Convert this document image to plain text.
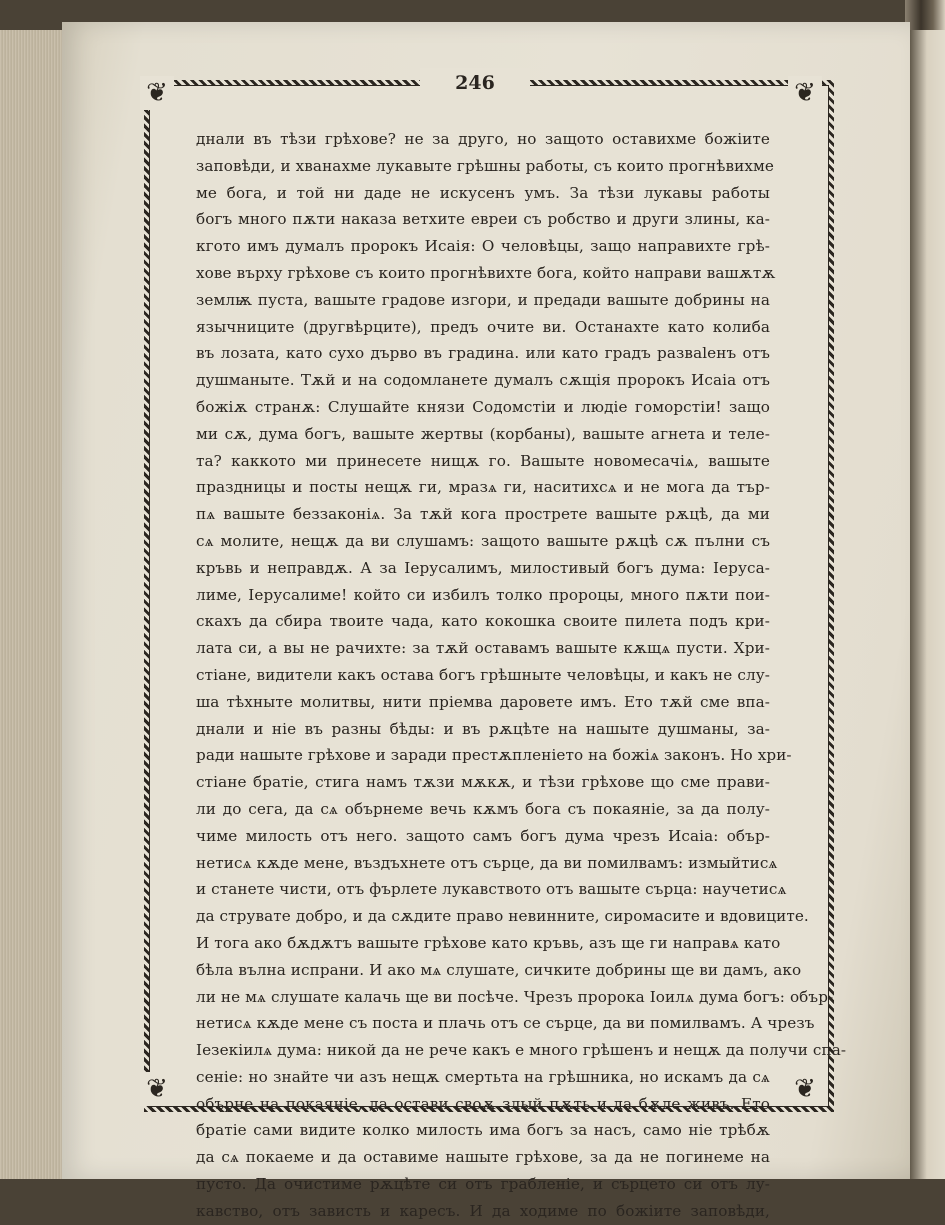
❦	❦
❦	❦
246
днали въ тѣзи грѣхове? не за друго, но защото оставихме божіите
заповѣди, и хванахме лукавыте грѣшны работы, съ които прогнѣвихме
ме бога, и той ни даде не искусенъ умъ. За тѣзи лукавы работы
богъ много пѫти наказа ветхите евреи съ робство и други злины, ка-
кгото имъ думалъ пророкъ Исаія: О человѣцы, защо направихте грѣ-
хове върху грѣхове съ които прогнѣвихте бога, който направи вашѫтѫ
землѭ пуста, вашыте градове изгори, и предади вашыте добрины на
язычниците (другвѣрците), предъ очите ви. Останахте като колиба
въ лозата, като сухо дърво въ градина. или като градъ развalенъ отъ
душманыте. Тѫй и на содомланете думалъ сѫщія пророкъ Исаіа отъ
божіѫ странѫ: Слушайте князи Содомстіи и людіе гоморстіи! защо
ми сѫ, дума богъ, вашыте жертвы (корбаны), вашыте агнета и теле-
та? каккото ми принесете нищѫ го. Вашыте новомесачіѧ, вашыте
праздницы и посты нещѫ ги, мразѧ ги, наситихсѧ и не мога да тър-
пѧ вашыте беззаконіѧ. За тѫй кога прострете вашыте рѫцѣ, да ми
сѧ молите, нещѫ да ви слушамъ: защото вашыте рѫцѣ сѫ пълни съ
кръвь и неправдѫ. А за Іерусалимъ, милостивый богъ дума: Іеруса-
лиме, Іерусалиме! който си избилъ толко пророцы, много пѫти пои-
скахъ да сбира твоите чада, като кокошка своите пилета подъ кри-
лата си, а вы не рачихте: за тѫй оставамъ вашыте кѫщѧ пусти. Хри-
стіане, видители какъ остава богъ грѣшныте человѣцы, и какъ не слу-
ша тѣхныте молитвы, нити пріемва даровете имъ. Ето тѫй сме впа-
днали и ніе въ разны бѣды: и въ рѫцѣте на нашыте душманы, за-
ради нашыте грѣхове и заради престѫпленіето на божіѧ законъ. Но хри-
стіане братіе, стига намъ тѫзи мѫкѫ, и тѣзи грѣхове що сме прави-
ли до сега, да сѧ обърнеме вечь кѫмъ бога съ покаяніе, за да полу-
чиме милость отъ него. защото самъ богъ дума чрезъ Исаіа: обър-
нетисѧ кѫде мене, въздъхнете отъ сърце, да ви помилвамъ: измыйтисѧ
и станете чисти, отъ фърлете лукавството отъ вашыте сърца: научетисѧ
да струвате добро, и да сѫдите право невинните, сиромасите и вдовиците.
И тога ако бѫдѫтъ вашыте грѣхове като кръвь, азъ ще ги направѧ като
бѣла вълна испрани. И ако мѧ слушате, сичките добрины ще ви дамъ, ако
ли не мѧ слушате калачь ще ви посѣче. Чрезъ пророка Іоилѧ дума богъ: обър-
нетисѧ кѫде мене съ поста и плачь отъ се сърце, да ви помилвамъ. А чрезъ
Іезекіилѧ дума: никой да не рече какъ е много грѣшенъ и нещѫ да получи спа-
сеніе: но знайте чи азъ нещѫ смертьта на грѣшника, но искамъ да сѧ
обърне на покаяніе, да остави своѫ злый пѫть и да бѫде живъ. Ето
братіе сами видите колко милость има богъ за насъ, само ніе трѣбѫ
да сѧ покаеме и да оставиме нашыте грѣхове, за да не погинеме на
пусто. Да очистиме рѫцѣте си отъ грабленіе, и сърцето си отъ лу-
кавство, отъ зависть и каресъ. И да ходиме по божіите заповѣди,
